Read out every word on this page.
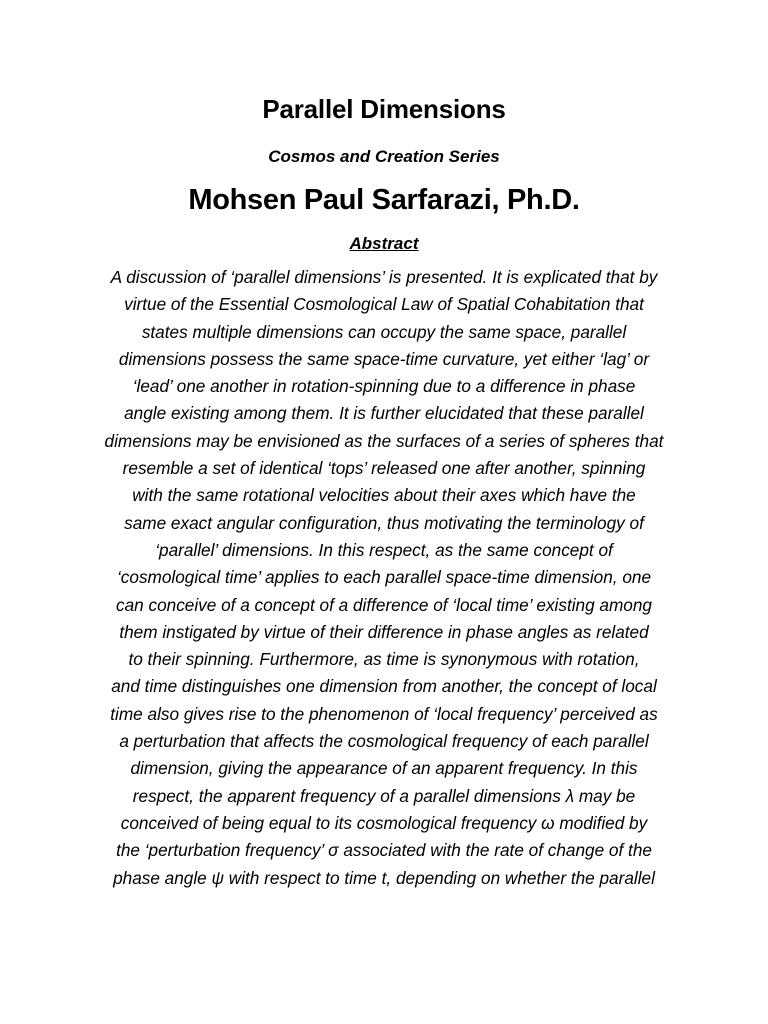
Parallel Dimensions
Cosmos and Creation Series
Mohsen Paul Sarfarazi, Ph.D.
Abstract
A discussion of ‘parallel dimensions’ is presented. It is explicated that by
virtue of the Essential Cosmological Law of Spatial Cohabitation that
states multiple dimensions can occupy the same space, parallel
dimensions possess the same space-time curvature, yet either ‘lag’ or
‘lead’ one another in rotation-spinning due to a difference in phase
angle existing among them. It is further elucidated that these parallel
dimensions may be envisioned as the surfaces of a series of spheres that
resemble a set of identical ‘tops’ released one after another, spinning
with the same rotational velocities about their axes which have the
same exact angular configuration, thus motivating the terminology of
‘parallel’ dimensions. In this respect, as the same concept of
‘cosmological time’ applies to each parallel space-time dimension, one
can conceive of a concept of a difference of ‘local time’ existing among
them instigated by virtue of their difference in phase angles as related
to their spinning. Furthermore, as time is synonymous with rotation,
and time distinguishes one dimension from another, the concept of local
time also gives rise to the phenomenon of ‘local frequency’ perceived as
a perturbation that affects the cosmological frequency of each parallel
dimension, giving the appearance of an apparent frequency. In this
respect, the apparent frequency of a parallel dimensions λ may be
conceived of being equal to its cosmological frequency ω modified by
the ‘perturbation frequency’ σ associated with the rate of change of the
phase angle ψ with respect to time t, depending on whether the parallel
